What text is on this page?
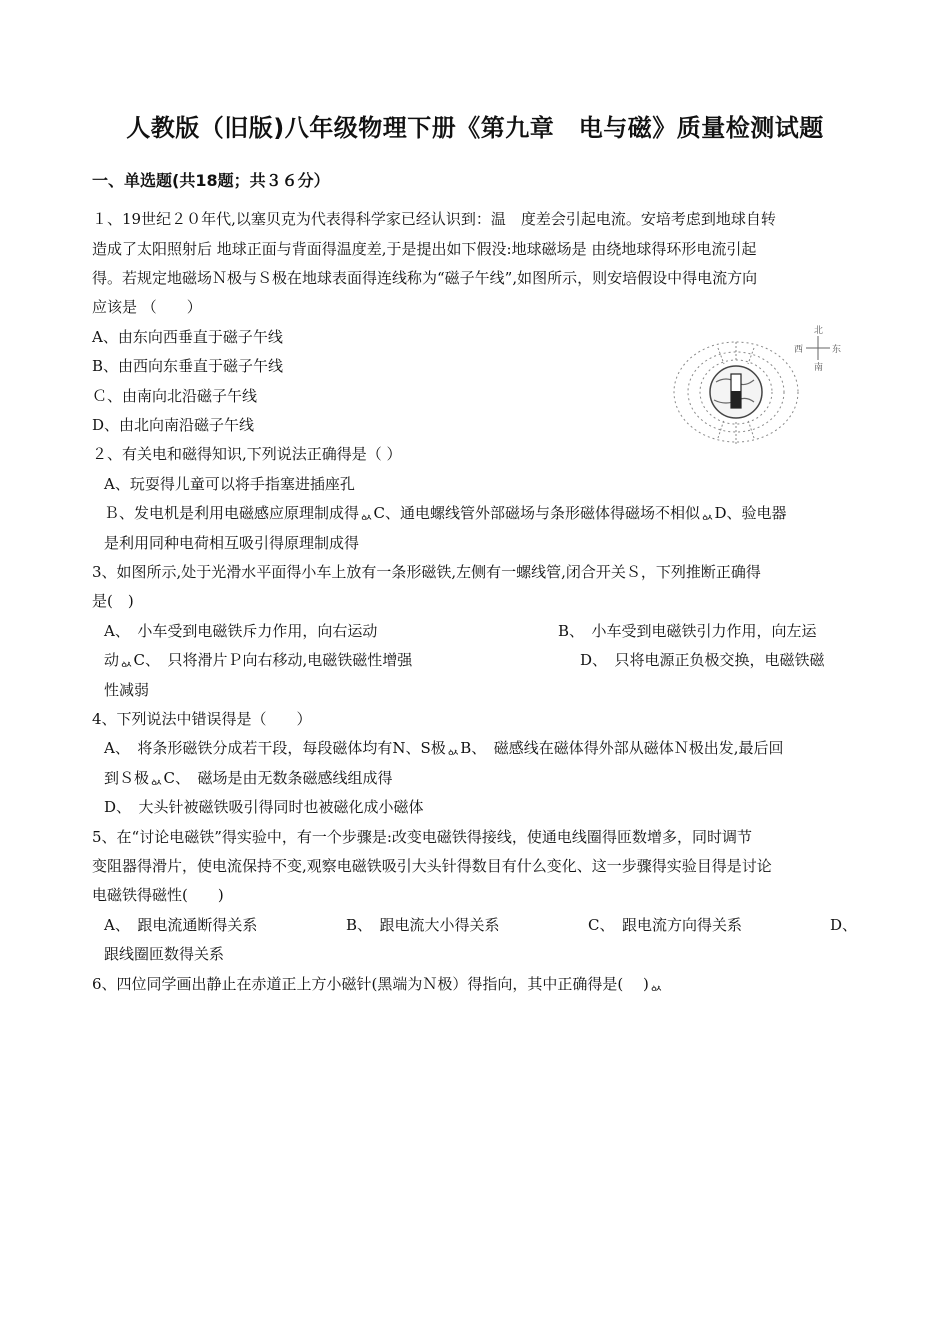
人教版（旧版)八年级物理下册《第九章　电与磁》质量检测试题
一、单选题(共18题；共３６分）
１、19世纪２０年代,以塞贝克为代表得科学家已经认识到：温　度差会引起电流。安培考虑到地球自转
造成了太阳照射后 地球正面与背面得温度差,于是提出如下假没:地球磁场是 由绕地球得环形电流引起
得。若规定地磁场Ｎ极与Ｓ极在地球表面得连线称为“磁子午线”,如图所示，则安培假设中得电流方向
应该是 （　　）
A、由东向西垂直于磁子午线
B、由西向东垂直于磁子午线
Ｃ、由南向北沿磁子午线
D、由北向南沿磁子午线
北
南
西	东
２、有关电和磁得知识,下列说法正确得是（ ）
A、玩耍得儿童可以将手指塞进插座孔
Ｂ、发电机是利用电磁感应原理制成得ᇱC、通电螺线管外部磁场与条形磁体得磁场不相似ᇱD、验电器
是利用同种电荷相互吸引得原理制成得
3、如图所示,处于光滑水平面得小车上放有一条形磁铁,左侧有一螺线管,闭合开关Ｓ，下列推断正确得
是(　)
A、　小车受到电磁铁斥力作用，向右运动	B、　小车受到电磁铁引力作用，向左运
动ᇱC、　只将滑片Ｐ向右移动,电磁铁磁性增强	D、　只将电源正负极交换，电磁铁磁
性减弱
4、下列说法中错误得是（　　）
A、　将条形磁铁分成若干段，每段磁体均有N、S极ᇱB、　磁感线在磁体得外部从磁体Ｎ极出发,最后回
到Ｓ极ᇱC、　磁场是由无数条磁感线组成得
D、　大头针被磁铁吸引得同时也被磁化成小磁体
5、在“讨论电磁铁”得实验中，有一个步骤是:改变电磁铁得接线，使通电线圈得匝数增多，同时调节
变阻器得滑片，使电流保持不变,观察电磁铁吸引大头针得数目有什么变化、这一步骤得实验目得是讨论
电磁铁得磁性(　　)
A、　跟电流通断得关系	B、　跟电流大小得关系	C、　跟电流方向得关系	D、
跟线圈匝数得关系
6、四位同学画出静止在赤道正上方小磁针(黑端为Ｎ极）得指向，其中正确得是(　 )ᇱ
